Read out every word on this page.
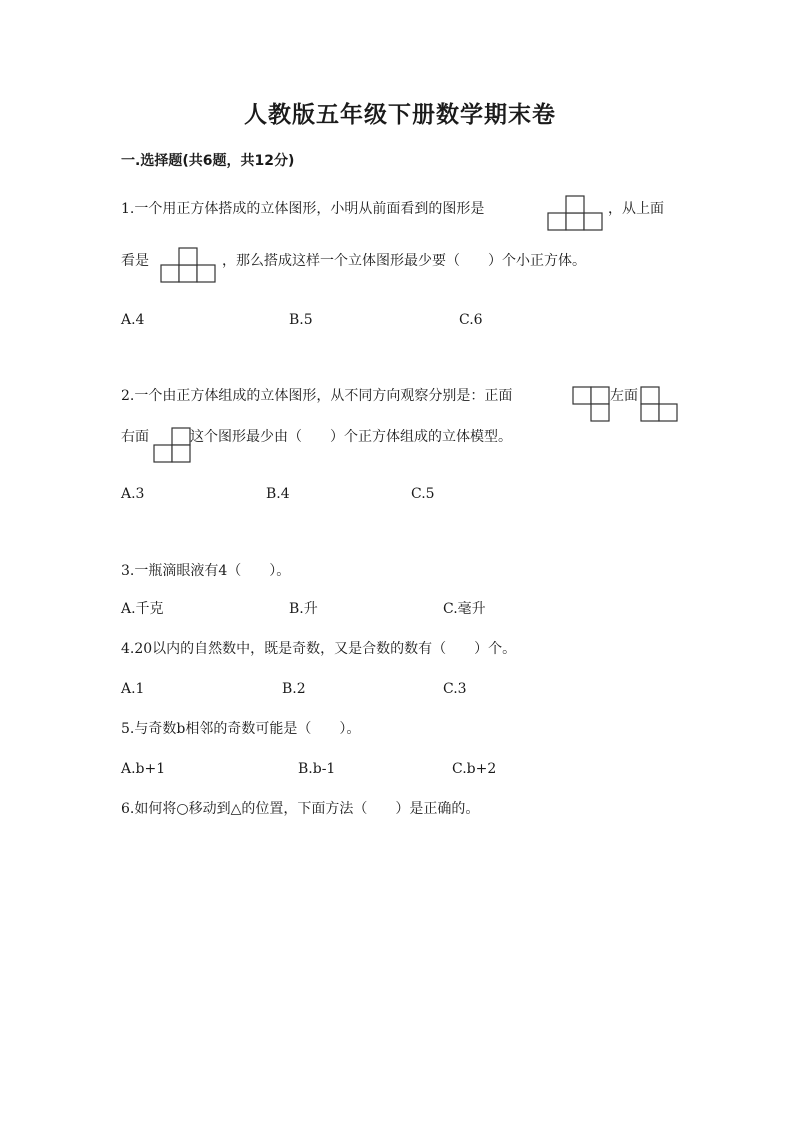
人教版五年级下册数学期末卷
一.选择题(共6题，共12分)
1.一个用正方体搭成的立体图形，小明从前面看到的图形是	，从上面
看是	，那么搭成这样一个立体图形最少要（　　）个小正方体。
A.4	B.5	C.6
2.一个由正方体组成的立体图形，从不同方向观察分别是：正面	左面
右面	这个图形最少由（　　）个正方体组成的立体模型。
A.3	B.4	C.5
3.一瓶滴眼液有4（　　）。
A.千克	B.升	C.毫升
4.20以内的自然数中，既是奇数，又是合数的数有（　　）个。
A.1	B.2	C.3
5.与奇数b相邻的奇数可能是（　　）。
A.b+1	B.b-1	C.b+2
6.如何将○移动到△的位置，下面方法（　　）是正确的。
